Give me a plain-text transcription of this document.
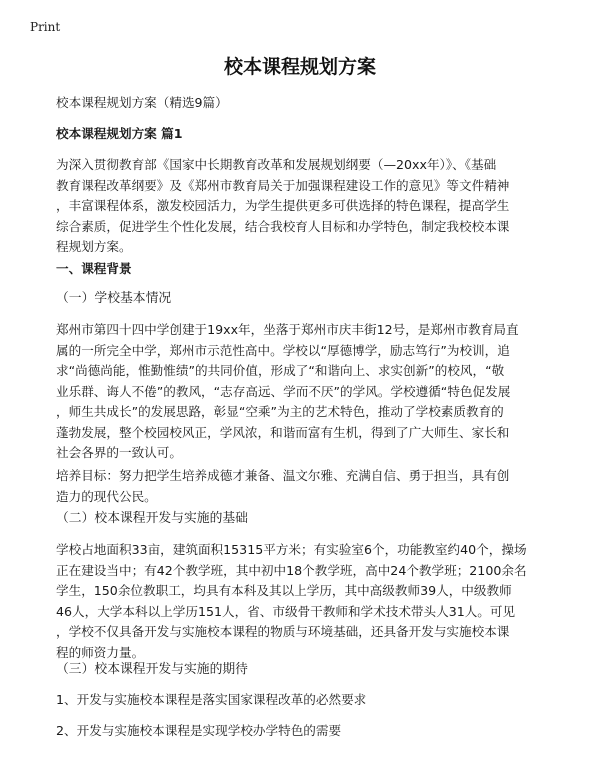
Print
校本课程规划方案

校本课程规划方案（精选9篇）

校本课程规划方案 篇1

为深入贯彻教育部《国家中长期教育改革和发展规划纲要（—20xx年）》、《基础
教育课程改革纲要》及《郑州市教育局关于加强课程建设工作的意见》等文件精神
，丰富课程体系，激发校园活力，为学生提供更多可供选择的特色课程，提高学生
综合素质，促进学生个性化发展，结合我校育人目标和办学特色，制定我校校本课
程规划方案。

一、课程背景

（一）学校基本情况

郑州市第四十四中学创建于19xx年，坐落于郑州市庆丰街12号，是郑州市教育局直
属的一所完全中学，郑州市示范性高中。学校以“厚德博学，励志笃行”为校训，追
求“尚德尚能，惟勤惟绩”的共同价值，形成了“和谐向上、求实创新”的校风，“敬
业乐群、诲人不倦”的教风，“志存高远、学而不厌”的学风。学校遵循“特色促发展
，师生共成长”的发展思路，彰显“空乘”为主的艺术特色，推动了学校素质教育的
蓬勃发展，整个校园校风正，学风浓，和谐而富有生机，得到了广大师生、家长和
社会各界的一致认可。

培养目标：努力把学生培养成德才兼备、温文尔雅、充满自信、勇于担当，具有创
造力的现代公民。

（二）校本课程开发与实施的基础

学校占地面积33亩，建筑面积15315平方米；有实验室6个，功能教室约40个，操场
正在建设当中；有42个教学班，其中初中18个教学班，高中24个教学班；2100余名
学生，150余位教职工，均具有本科及其以上学历，其中高级教师39人，中级教师
46人，大学本科以上学历151人，省、市级骨干教师和学术技术带头人31人。可见
，学校不仅具备开发与实施校本课程的物质与环境基础，还具备开发与实施校本课
程的师资力量。

（三）校本课程开发与实施的期待

1、开发与实施校本课程是落实国家课程改革的必然要求

2、开发与实施校本课程是实现学校办学特色的需要
